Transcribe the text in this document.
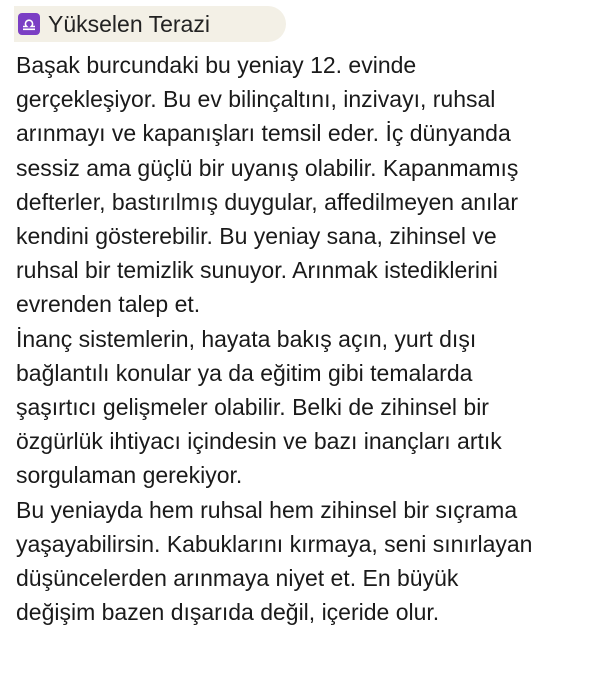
Yükselen Terazi

Başak burcundaki bu yeniay 12. evinde
gerçekleşiyor. Bu ev bilinçaltını, inzivayı, ruhsal
arınmayı ve kapanışları temsil eder. İç dünyanda
sessiz ama güçlü bir uyanış olabilir. Kapanmamış
defterler, bastırılmış duygular, affedilmeyen anılar
kendini gösterebilir. Bu yeniay sana, zihinsel ve
ruhsal bir temizlik sunuyor. Arınmak istediklerini
evrenden talep et.

İnanç sistemlerin, hayata bakış açın, yurt dışı
bağlantılı konular ya da eğitim gibi temalarda
şaşırtıcı gelişmeler olabilir. Belki de zihinsel bir
özgürlük ihtiyacı içindesin ve bazı inançları artık
sorgulaman gerekiyor.

Bu yeniayda hem ruhsal hem zihinsel bir sıçrama
yaşayabilirsin. Kabuklarını kırmaya, seni sınırlayan
düşüncelerden arınmaya niyet et. En büyük
değişim bazen dışarıda değil, içeride olur.
